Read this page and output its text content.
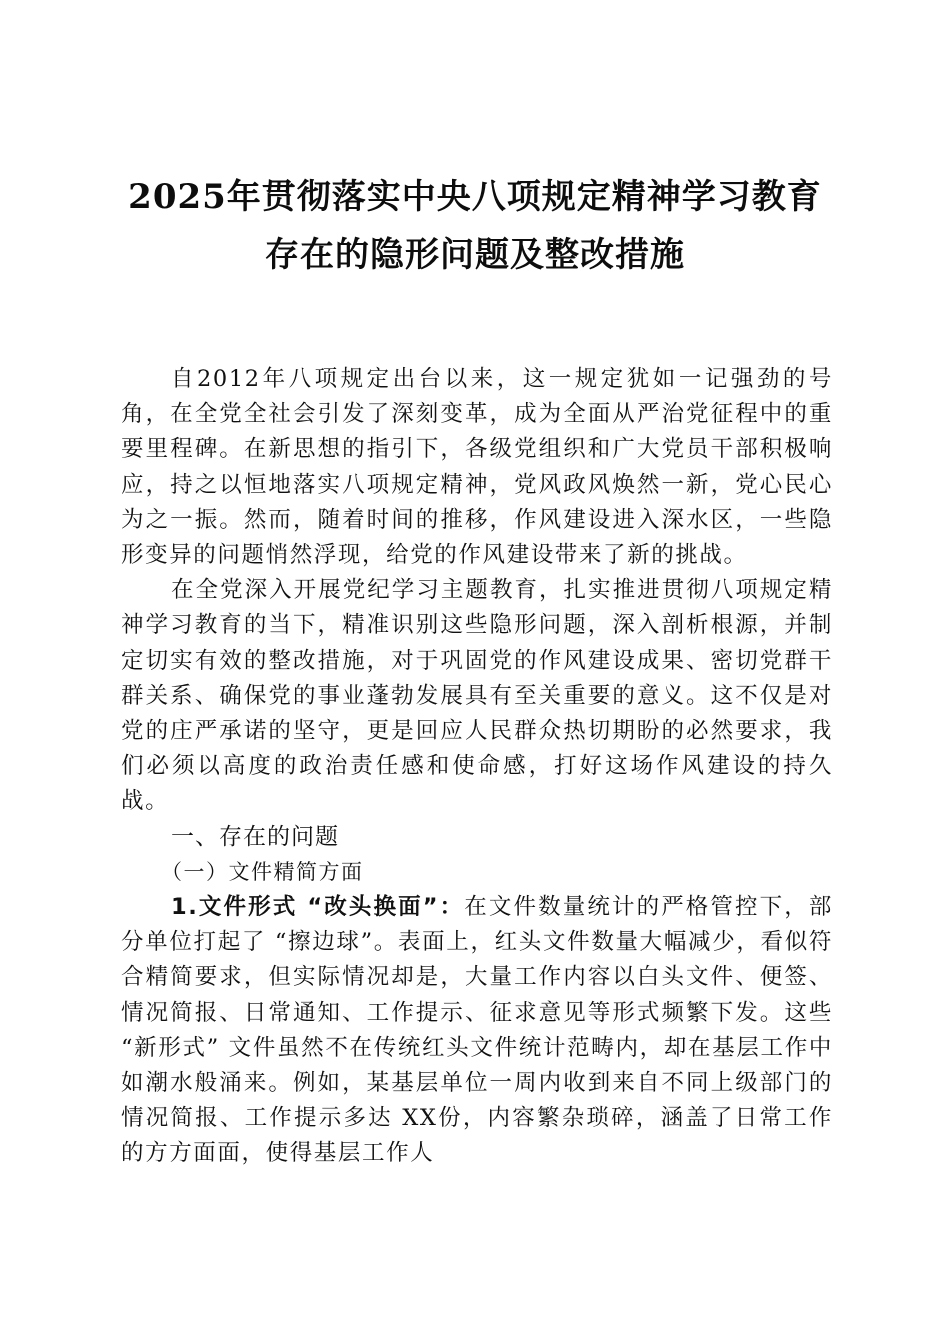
2025年贯彻落实中央八项规定精神学习教育
存在的隐形问题及整改措施

自2012年八项规定出台以来，这一规定犹如一记强劲的号角，在全党全社会引发了深刻变革，成为全面从严治党征程中的重要里程碑。在新思想的指引下，各级党组织和广大党员干部积极响应，持之以恒地落实八项规定精神，党风政风焕然一新，党心民心为之一振。然而，随着时间的推移，作风建设进入深水区，一些隐形变异的问题悄然浮现，给党的作风建设带来了新的挑战。

在全党深入开展党纪学习主题教育，扎实推进贯彻八项规定精神学习教育的当下，精准识别这些隐形问题，深入剖析根源，并制定切实有效的整改措施，对于巩固党的作风建设成果、密切党群干群关系、确保党的事业蓬勃发展具有至关重要的意义。这不仅是对党的庄严承诺的坚守，更是回应人民群众热切期盼的必然要求，我们必须以高度的政治责任感和使命感，打好这场作风建设的持久战。

一、存在的问题

（一）文件精简方面

1.文件形式 “改头换面”：在文件数量统计的严格管控下，部分单位打起了 “擦边球”。表面上，红头文件数量大幅减少，看似符合精简要求，但实际情况却是，大量工作内容以白头文件、便签、情况简报、日常通知、工作提示、征求意见等形式频繁下发。这些 “新形式” 文件虽然不在传统红头文件统计范畴内，却在基层工作中如潮水般涌来。例如，某基层单位一周内收到来自不同上级部门的情况简报、工作提示多达 XX份，内容繁杂琐碎，涵盖了日常工作的方方面面，使得基层工作人
